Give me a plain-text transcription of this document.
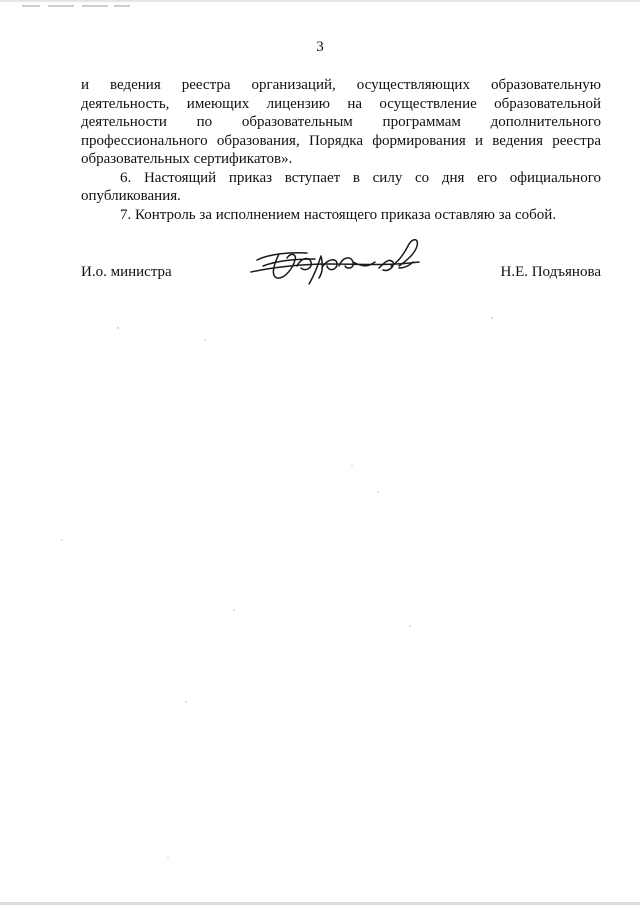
3

и ведения реестра организаций, осуществляющих образовательную деятельность, имеющих лицензию на осуществление образовательной деятельности по образовательным программам дополнительного профессионального образования, Порядка формирования и ведения реестра образовательных сертификатов».

6. Настоящий приказ вступает в силу со дня его официального опубликования.

7. Контроль за исполнением настоящего приказа оставляю за собой.

И.о. министра	Н.Е. Подъянова
